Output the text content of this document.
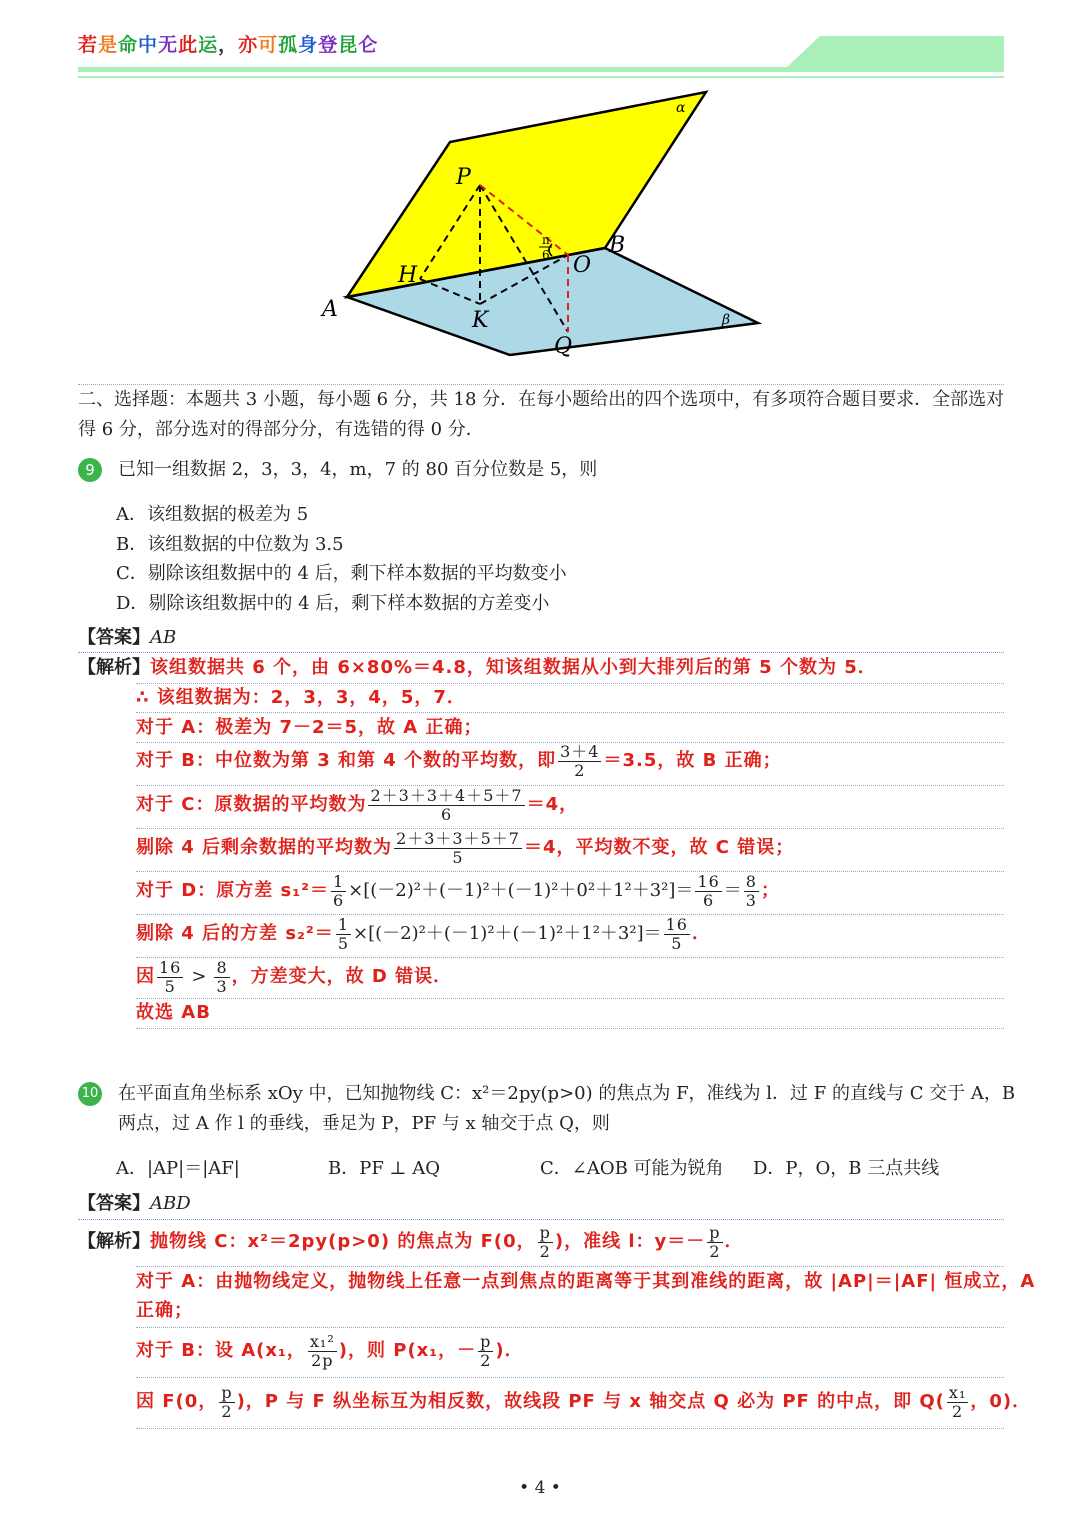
若是命中无此运，亦可孤身登昆仑
π
6
α
β
P
H
A	K
O
B
Q
二、选择题：本题共 3 小题，每小题 6 分，共 18 分．在每小题给出的四个选项中，有多项符合题目要求．全部选对
得 6 分，部分选对的得部分分，有选错的得 0 分．
9	已知一组数据 2，3，3，4，m，7 的 80 百分位数是 5，则
A．该组数据的极差为 5
B．该组数据的中位数为 3.5
C．剔除该组数据中的 4 后，剩下样本数据的平均数变小
D．剔除该组数据中的 4 后，剩下样本数据的方差变小
【答案】AB
【解析】该组数据共 6 个，由 6×80%＝4.8，知该组数据从小到大排列后的第 5 个数为 5．
∴ 该组数据为：2，3，3，4，5，7．
对于 A：极差为 7－2＝5，故 A 正确；
对于 B：中位数为第 3 和第 4 个数的平均数，即 $\frac{3+4}{2} =3.5$，故 B 正确；
对于 C：原数据的平均数为 $\frac{2+3+3+4+5+7}{6} =4$，
剔除 4 后剩余数据的平均数为 $\frac{2+3+3+5+7}{5} =4$，平均数不变，故 C 错误；
对于 D：原方差 $s_1^2= \frac{1}{6} \times[(-2)^2+(-1)^2+(-1)^2+0^2+1^2+3^2]= \frac{16}{6} = \frac{8}{3}$ ；
剔除 4 后的方差 $s_2^2= \frac{1}{5} \times[(-2)^2+(-1)^2+(-1)^2+1^2+3^2]= \frac{16}{5}$ ．
因 $\frac{16}{5} > \frac{8}{3}$ ，方差变大，故 D 错误．
故选 AB
10 在平面直角坐标系 xOy 中，已知抛物线 C：x²＝2py(p>0) 的焦点为 F，准线为 l．过 F 的直线与 C 交于 A，B
两点，过 A 作 l 的垂线，垂足为 P，PF 与 x 轴交于点 Q，则
A．|AP|＝|AF|	B．PF ⊥ AQ	C．∠AOB 可能为锐角 D．P，O，B 三点共线
【答案】ABD
【解析】抛物线 C：x²＝2py(p>0) 的焦点为 F(0， $\frac{p}{2}$ )，准线 l：$y=- \frac{p}{2}$ ．
对于 A：由抛物线定义，抛物线上任意一点到焦点的距离等于其到准线的距离，故 |AP|＝|AF| 恒成立，A
正确；
对于 B：设 A(x₁， $\frac{\text{x₁²}}{2p}$ )，则 P(x₁，－ $\frac{p}{2}$ )．
因 F(0， $\frac{p}{2}$ )，P 与 F 纵坐标互为相反数，故线段 PF 与 x 轴交点 Q 必为 PF 的中点，即 $Q( \frac{\text{x₁}}{2}$ ，0)．
• 4 •
